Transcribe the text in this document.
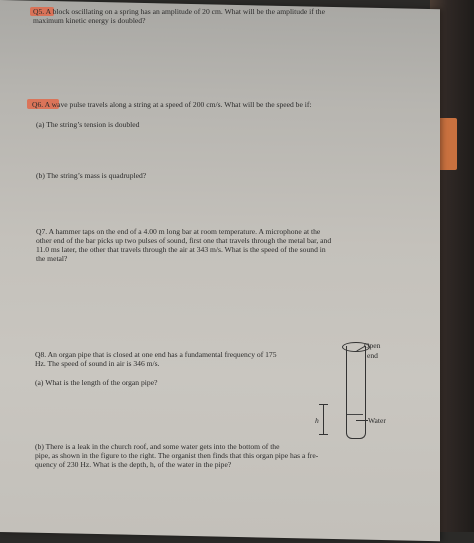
Q5. A block oscillating on a spring has an amplitude of 20 cm. What will be the amplitude if the
maximum kinetic energy is doubled?
Q6. A wave pulse travels along a string at a speed of 200 cm/s. What will be the speed be if:
(a) The string’s tension is doubled
(b) The string’s mass is quadrupled?
Q7. A hammer taps on the end of a 4.00 m long bar at room temperature. A microphone at the
other end of the bar picks up two pulses of sound, first one that travels through the metal bar, and
11.0 ms later, the other that travels through the air at 343 m/s. What is the speed of the sound in
the metal?
Q8. An organ pipe that is closed at one end has a fundamental frequency of 175
Hz. The speed of sound in air is 346 m/s.
(a) What is the length of the organ pipe?
(b) There is a leak in the church roof, and some water gets into the bottom of the
pipe, as shown in the figure to the right. The organist then finds that this organ pipe has a fre-
quency of 230 Hz. What is the depth, h, of the water in the pipe?
h
Open
end
Water
